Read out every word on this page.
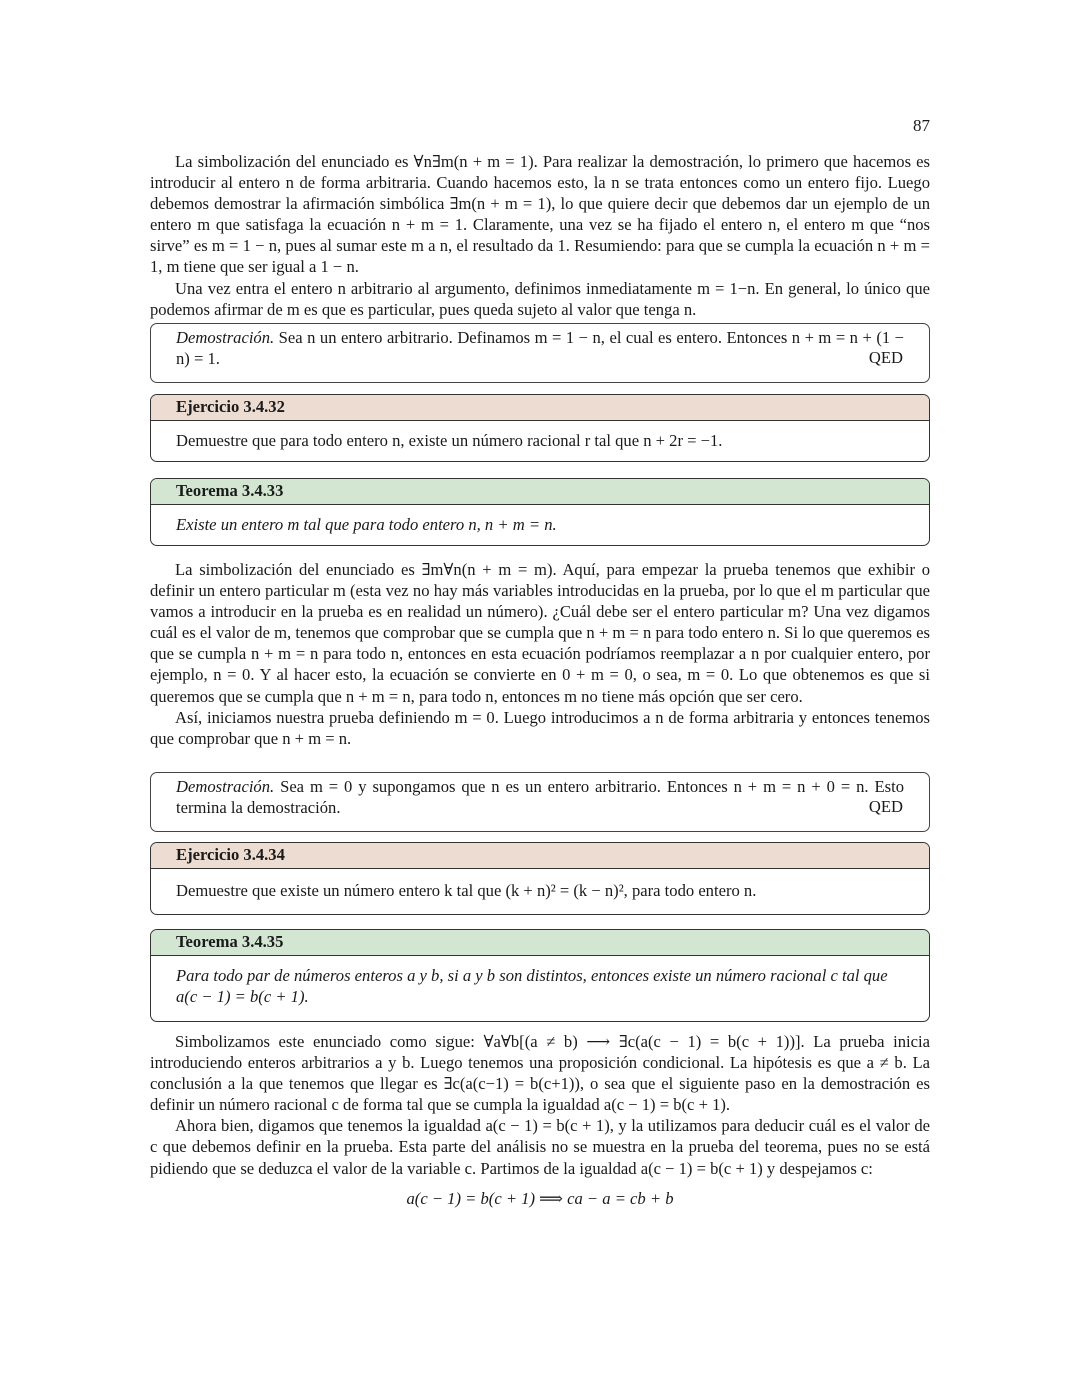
87

La simbolización del enunciado es ∀n∃m(n + m = 1). Para realizar la demostración, lo primero que hacemos es introducir al entero n de forma arbitraria. Cuando hacemos esto, la n se trata entonces como un entero fijo. Luego debemos demostrar la afirmación simbólica ∃m(n + m = 1), lo que quiere decir que debemos dar un ejemplo de un entero m que satisfaga la ecuación n + m = 1. Claramente, una vez se ha fijado el entero n, el entero m que “nos sirve” es m = 1 − n, pues al sumar este m a n, el resultado da 1. Resumiendo: para que se cumpla la ecuación n + m = 1, m tiene que ser igual a 1 − n.

Una vez entra el entero n arbitrario al argumento, definimos inmediatamente m = 1−n. En general, lo único que podemos afirmar de m es que es particular, pues queda sujeto al valor que tenga n.

Demostración. Sea n un entero arbitrario. Definamos m = 1 − n, el cual es entero. Entonces n + m = n + (1 − n) = 1.	QED
Ejercicio 3.4.32
Demuestre que para todo entero n, existe un número racional r tal que n + 2r = −1.
Teorema 3.4.33
Existe un entero m tal que para todo entero n, n + m = n.

La simbolización del enunciado es ∃m∀n(n + m = m). Aquí, para empezar la prueba tenemos que exhibir o definir un entero particular m (esta vez no hay más variables introducidas en la prueba, por lo que el m particular que vamos a introducir en la prueba es en realidad un número). ¿Cuál debe ser el entero particular m? Una vez digamos cuál es el valor de m, tenemos que comprobar que se cumpla que n + m = n para todo entero n. Si lo que queremos es que se cumpla n + m = n para todo n, entonces en esta ecuación podríamos reemplazar a n por cualquier entero, por ejemplo, n = 0. Y al hacer esto, la ecuación se convierte en 0 + m = 0, o sea, m = 0. Lo que obtenemos es que si queremos que se cumpla que n + m = n, para todo n, entonces m no tiene más opción que ser cero.

Así, iniciamos nuestra prueba definiendo m = 0. Luego introducimos a n de forma arbitraria y entonces tenemos que comprobar que n + m = n.

Demostración. Sea m = 0 y supongamos que n es un entero arbitrario. Entonces n + m = n + 0 = n. Esto termina la demostración.	QED
Ejercicio 3.4.34
Demuestre que existe un número entero k tal que (k + n)² = (k − n)², para todo entero n.
Teorema 3.4.35
Para todo par de números enteros a y b, si a y b son distintos, entonces existe un número racional c tal que a(c − 1) = b(c + 1).

Simbolizamos este enunciado como sigue: ∀a∀b[(a ≠ b) ⟶ ∃c(a(c − 1) = b(c + 1))]. La prueba inicia introduciendo enteros arbitrarios a y b. Luego tenemos una proposición condicional. La hipótesis es que a ≠ b. La conclusión a la que tenemos que llegar es ∃c(a(c−1) = b(c+1)), o sea que el siguiente paso en la demostración es definir un número racional c de forma tal que se cumpla la igualdad a(c − 1) = b(c + 1).

Ahora bien, digamos que tenemos la igualdad a(c − 1) = b(c + 1), y la utilizamos para deducir cuál es el valor de c que debemos definir en la prueba. Esta parte del análisis no se muestra en la prueba del teorema, pues no se está pidiendo que se deduzca el valor de la variable c. Partimos de la igualdad a(c − 1) = b(c + 1) y despejamos c:

a(c − 1) = b(c + 1) ⟹ ca − a = cb + b
